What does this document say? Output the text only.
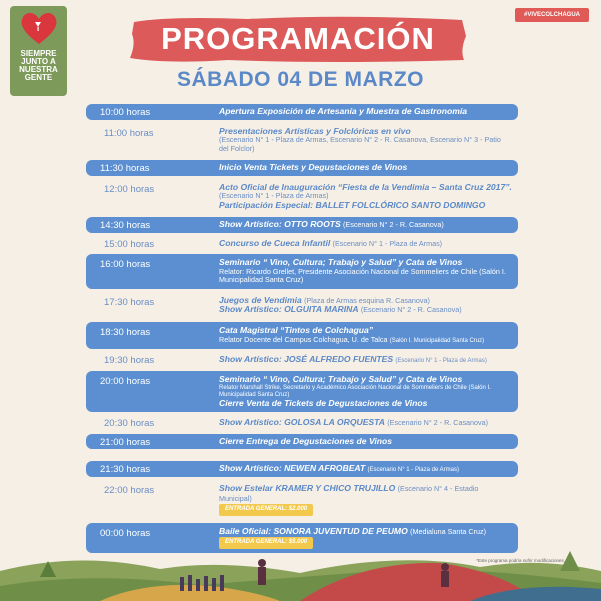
SIEMPRE
JUNTO A
NUESTRA
GENTE
#VIVECOLCHAGUA
PROGRAMACIÓN
SÁBADO 04 DE MARZO
10:00 horas	Apertura Exposición de Artesanía y Muestra de Gastronomía
11:00 horas	Presentaciones Artísticas y Folclóricas en vivo
(Escenario N° 1 - Plaza de Armas, Escenario N° 2 - R. Casanova, Escenario N° 3 - Patio del Folclor)
11:30 horas	Inicio Venta Tickets y Degustaciones de Vinos
12:00 horas	Acto Oficial de Inauguración “Fiesta de la Vendimia – Santa Cruz 2017”.
(Escenario N° 1 - Plaza de Armas)
Participación Especial: BALLET FOLCLÓRICO SANTO DOMINGO
14:30 horas	Show Artístico: OTTO ROOTS (Escenario N° 2 - R. Casanova)
15:00 horas	Concurso de Cueca Infantil (Escenario N° 1 - Plaza de Armas)
16:00 horas	Seminario “ Vino, Cultura; Trabajo y Salud” y Cata de Vinos
Relator: Ricardo Grellet, Presidente Asociación Nacional de Sommeliers de Chile (Salón I. Municipalidad Santa Cruz)
17:30 horas	Juegos de Vendimia (Plaza de Armas esquina R. Casanova)
Show Artístico: OLGUITA MARINA (Escenario N° 2 - R. Casanova)
18:30 horas	Cata Magistral “Tintos de Colchagua”
Relator Docente del Campus Colchagua, U. de Talca (Salón I. Municipalidad Santa Cruz)
19:30 horas	Show Artístico: JOSÉ ALFREDO FUENTES (Escenario N° 1 - Plaza de Armas)
20:00 horas	Seminario “ Vino, Cultura; Trabajo y Salud” y Cata de Vinos
Relator Marshall Strike, Secretario y Académico Asociación Nacional de Sommeliers de Chile (Salón I. Municipalidad Santa Cruz)
Cierre Venta de Tickets de Degustaciones de Vinos
20:30 horas	Show Artístico: GOLOSA LA ORQUESTA (Escenario N° 2 - R. Casanova)
21:00 horas	Cierre Entrega de Degustaciones de Vinos
21:30 horas	Show Artístico: NEWEN AFROBEAT (Escenario N° 1 - Plaza de Armas)
22:00 horas	Show Estelar KRAMER Y CHICO TRUJILLO (Escenario N° 4 - Estadio Municipal)
ENTRADA GENERAL: $2.000
00:00 horas	Baile Oficial: SONORA JUVENTUD DE PEUMO (Medialuna Santa Cruz)
ENTRADA GENERAL: $5.000
*Este programa podría sufrir modificaciones.
